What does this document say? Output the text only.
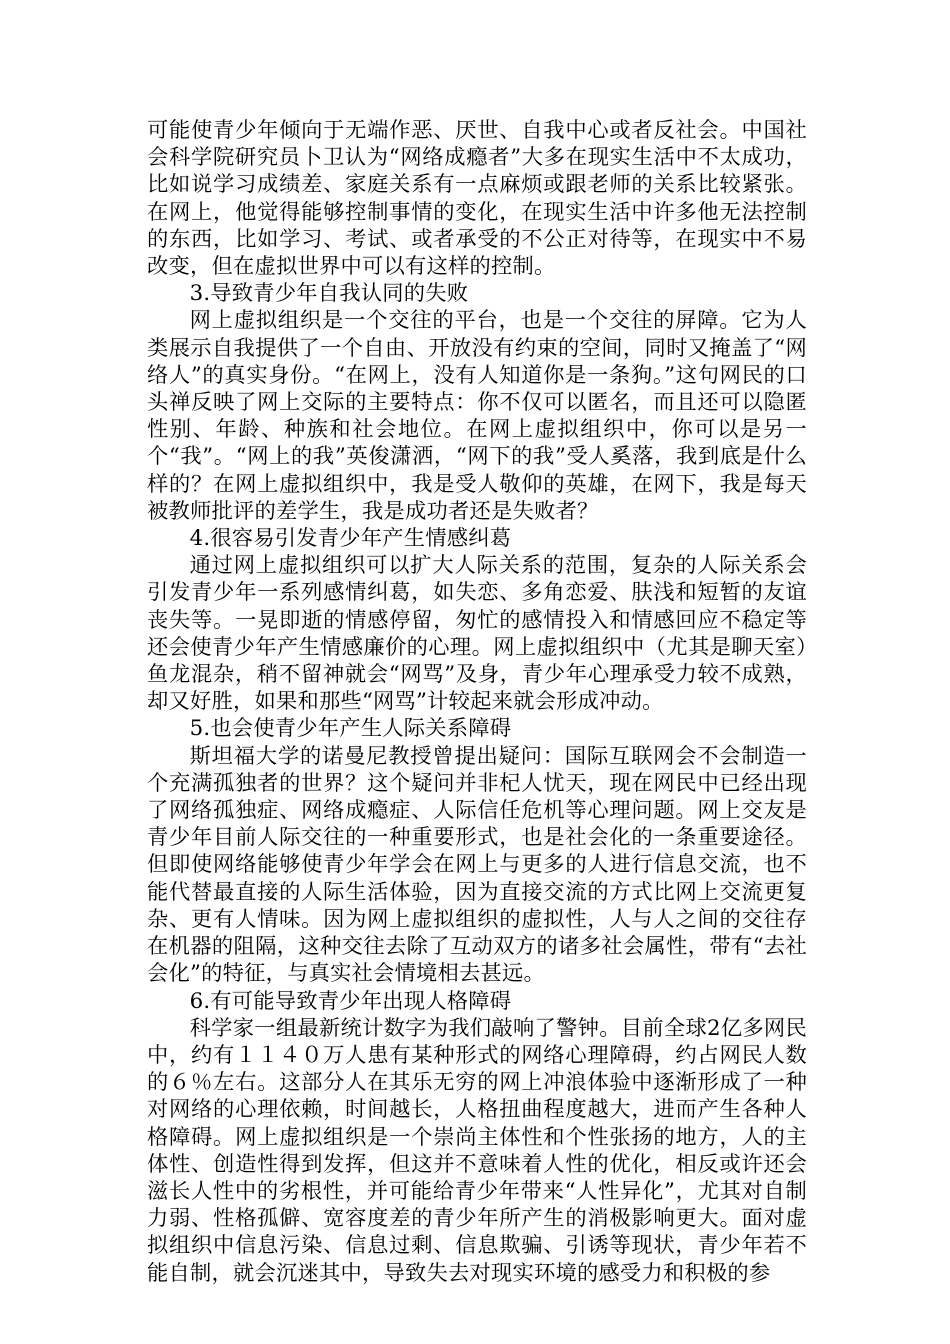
可能使青少年倾向于无端作恶、厌世、自我中心或者反社会。中国社会科学院研究员卜卫认为“网络成瘾者”大多在现实生活中不太成功，比如说学习成绩差、家庭关系有一点麻烦或跟老师的关系比较紧张。在网上，他觉得能够控制事情的变化，在现实生活中许多他无法控制的东西，比如学习、考试、或者承受的不公正对待等，在现实中不易改变，但在虚拟世界中可以有这样的控制。

3.导致青少年自我认同的失败

网上虚拟组织是一个交往的平台，也是一个交往的屏障。它为人类展示自我提供了一个自由、开放没有约束的空间，同时又掩盖了“网络人”的真实身份。“在网上，没有人知道你是一条狗。”这句网民的口头禅反映了网上交际的主要特点：你不仅可以匿名，而且还可以隐匿性别、年龄、种族和社会地位。在网上虚拟组织中，你可以是另一个“我”。“网上的我”英俊潇洒，“网下的我”受人奚落，我到底是什么样的？在网上虚拟组织中，我是受人敬仰的英雄，在网下，我是每天被教师批评的差学生，我是成功者还是失败者？

4.很容易引发青少年产生情感纠葛

通过网上虚拟组织可以扩大人际关系的范围，复杂的人际关系会引发青少年一系列感情纠葛，如失恋、多角恋爱、肤浅和短暂的友谊丧失等。一晃即逝的情感停留，匆忙的感情投入和情感回应不稳定等还会使青少年产生情感廉价的心理。网上虚拟组织中（尤其是聊天室）鱼龙混杂，稍不留神就会“网骂”及身，青少年心理承受力较不成熟，却又好胜，如果和那些“网骂”计较起来就会形成冲动。

5.也会使青少年产生人际关系障碍

斯坦福大学的诺曼尼教授曾提出疑问：国际互联网会不会制造一个充满孤独者的世界？这个疑问并非杞人忧天，现在网民中已经出现了网络孤独症、网络成瘾症、人际信任危机等心理问题。网上交友是青少年目前人际交往的一种重要形式，也是社会化的一条重要途径。但即使网络能够使青少年学会在网上与更多的人进行信息交流，也不能代替最直接的人际生活体验，因为直接交流的方式比网上交流更复杂、更有人情味。因为网上虚拟组织的虚拟性，人与人之间的交往存在机器的阻隔，这种交往去除了互动双方的诸多社会属性，带有“去社会化”的特征，与真实社会情境相去甚远。

6.有可能导致青少年出现人格障碍

科学家一组最新统计数字为我们敲响了警钟。目前全球2亿多网民中，约有１１４０万人患有某种形式的网络心理障碍，约占网民人数的６％左右。这部分人在其乐无穷的网上冲浪体验中逐渐形成了一种对网络的心理依赖，时间越长，人格扭曲程度越大，进而产生各种人格障碍。网上虚拟组织是一个崇尚主体性和个性张扬的地方，人的主体性、创造性得到发挥，但这并不意味着人性的优化，相反或许还会滋长人性中的劣根性，并可能给青少年带来“人性异化”，尤其对自制力弱、性格孤僻、宽容度差的青少年所产生的消极影响更大。面对虚拟组织中信息污染、信息过剩、信息欺骗、引诱等现状，青少年若不能自制，就会沉迷其中，导致失去对现实环境的感受力和积极的参
